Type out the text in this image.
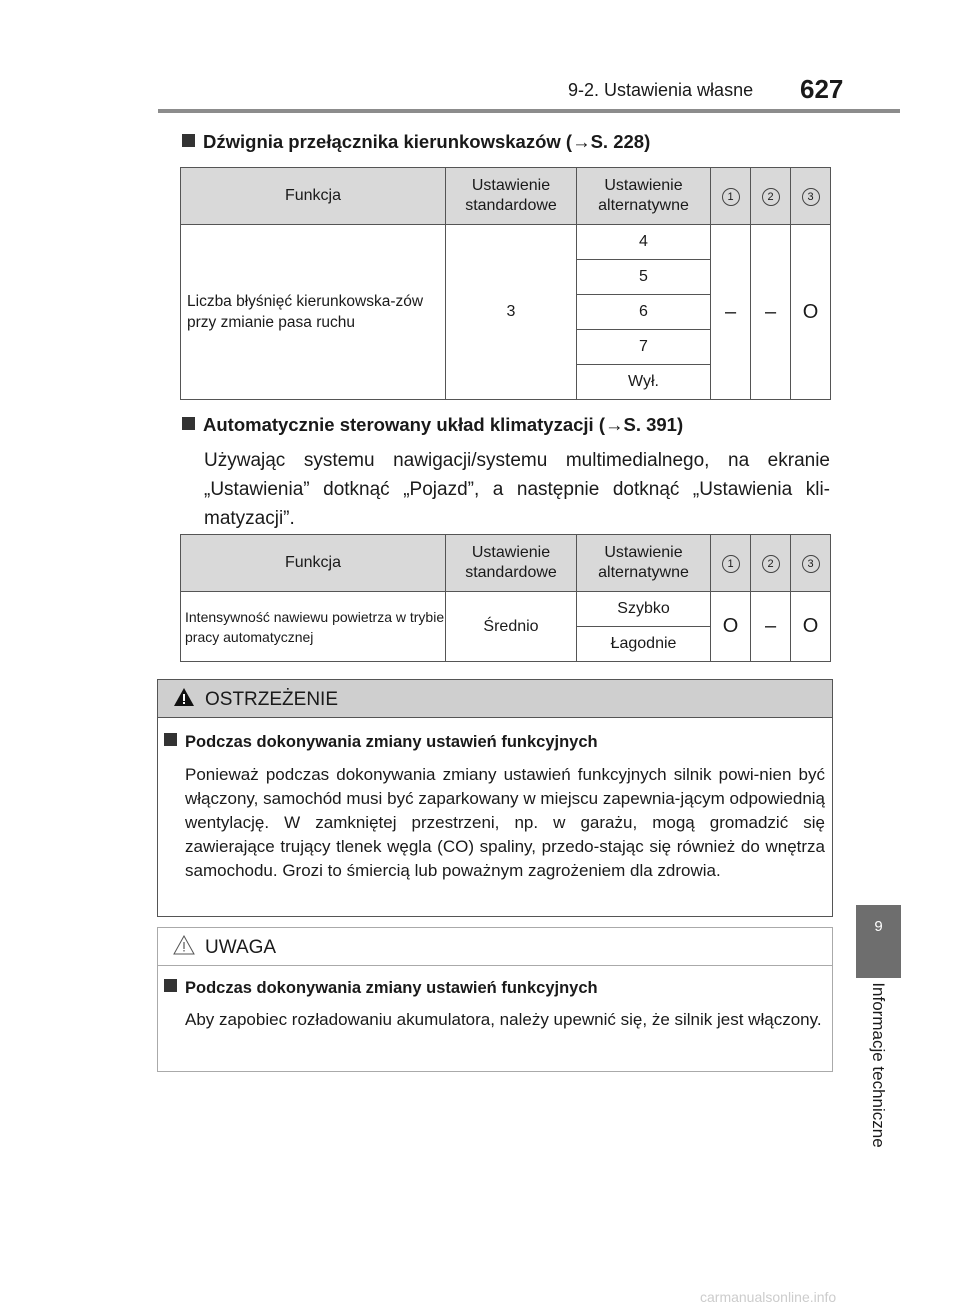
9-2. Ustawienia własne 627
9
Informacje techniczne
Dźwignia przełącznika kierunkowskazów (→S. 228)
Funkcja	Ustawienie standardowe	Ustawienie alternatywne	1	2	3
Liczba błyśnięć kierunkowska-zów przy zmianie pasa ruchu	3	4	–	–	O
		5			
		6			
		7			
		Wył.			
Automatycznie sterowany układ klimatyzacji (→S. 391)
Używając systemu nawigacji/systemu multimedialnego, na ekranie „Ustawienia” dotknąć „Pojazd”, a następnie dotknąć „Ustawienia kli-matyzacji”.
Funkcja	Ustawienie standardowe	Ustawienie alternatywne	1	2	3
Intensywność nawiewu powietrza w trybie pracy automatycznej	Średnio	Szybko	O	–	O
		Łagodnie			
OSTRZEŻENIE
Podczas dokonywania zmiany ustawień funkcyjnych
Ponieważ podczas dokonywania zmiany ustawień funkcyjnych silnik powi-nien być włączony, samochód musi być zaparkowany w miejscu zapewnia-jącym odpowiednią wentylację. W zamkniętej przestrzeni, np. w garażu, mogą gromadzić się zawierające trujący tlenek węgla (CO) spaliny, przedo-stając się również do wnętrza samochodu. Grozi to śmiercią lub poważnym zagrożeniem dla zdrowia.
UWAGA
Podczas dokonywania zmiany ustawień funkcyjnych
Aby zapobiec rozładowaniu akumulatora, należy upewnić się, że silnik jest włączony.
carmanualsonline.info
